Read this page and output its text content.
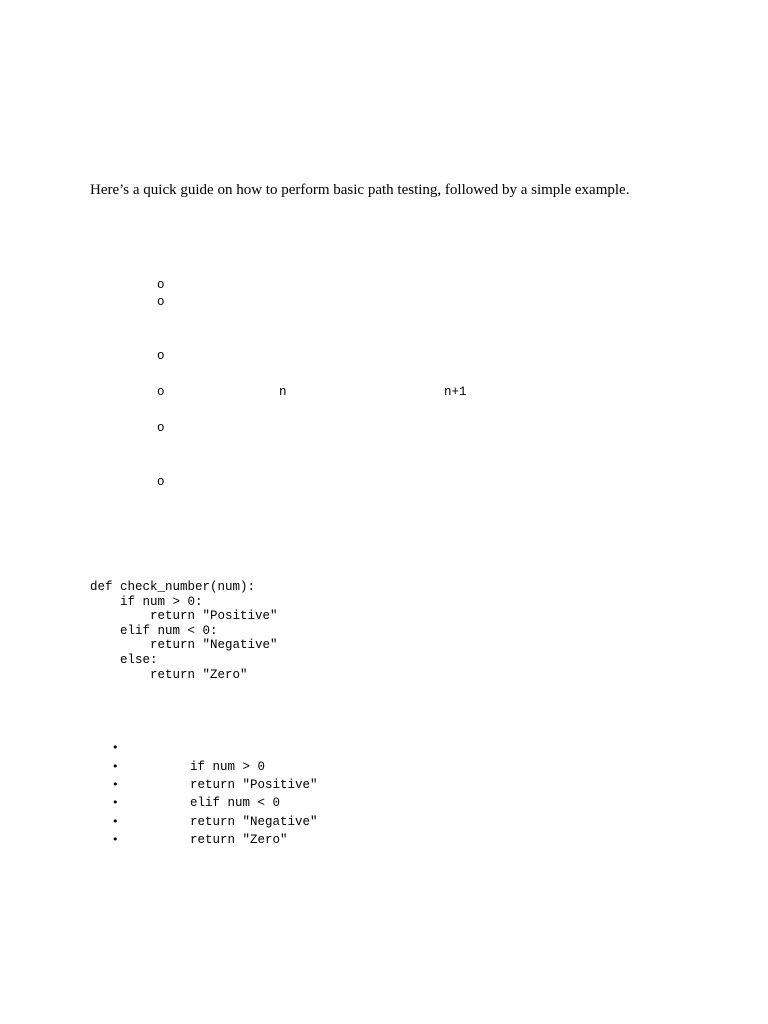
Here’s a quick guide on how to perform basic path testing, followed by a simple example.

o

o

o

o

	n

	n+1

o

o

def check_number(num):
if num > 0:
return "Positive"
elif num < 0:
return "Negative"
else:
return "Zero"

•

•

	if num > 0

•

	return "Positive"

•

	elif num < 0

•

	return "Negative"

•

	return "Zero"
